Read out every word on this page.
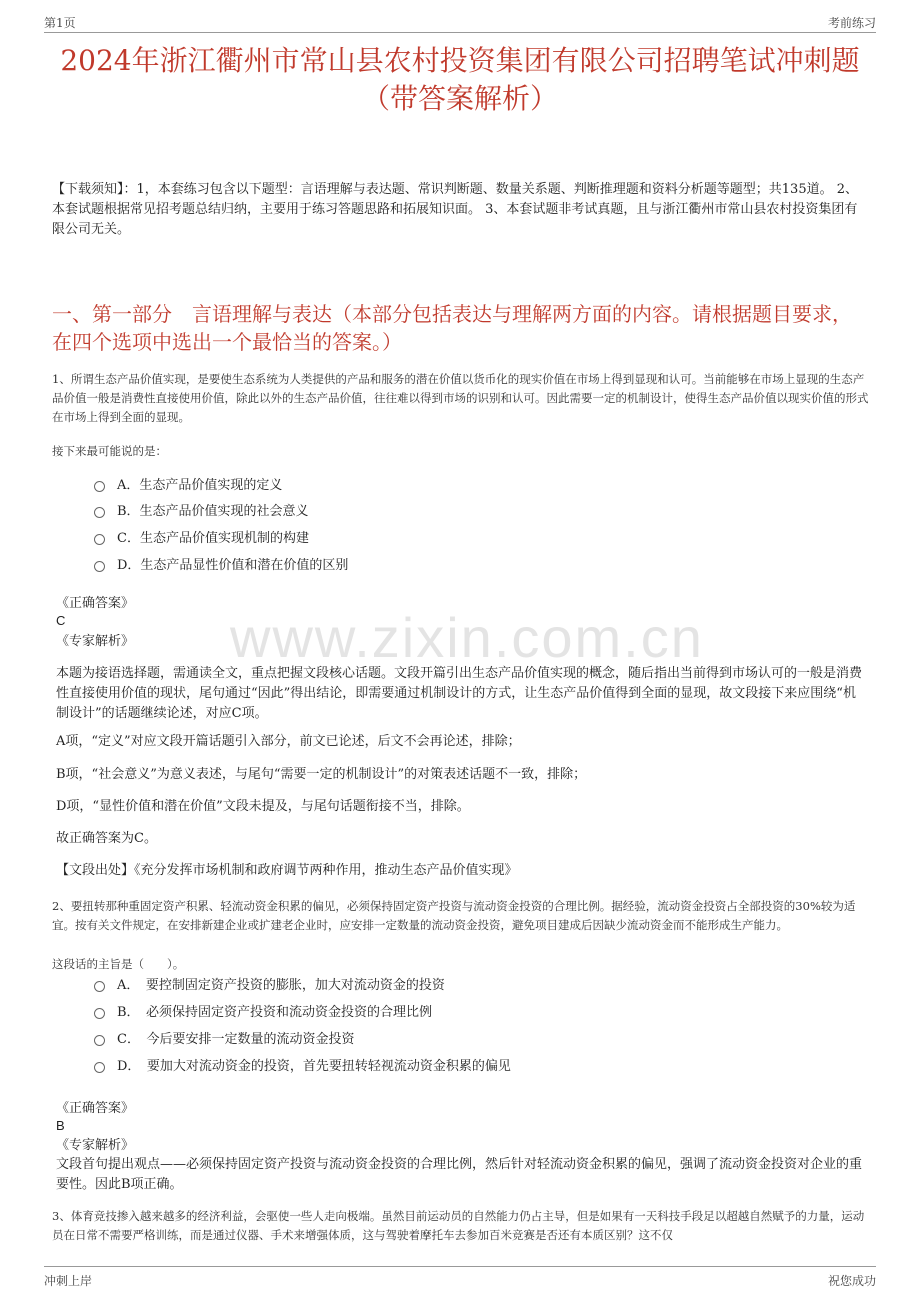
第1页	考前练习
2024年浙江衢州市常山县农村投资集团有限公司招聘笔试冲刺题（带答案解析）
【下载须知】：1，本套练习包含以下题型：言语理解与表达题、常识判断题、数量关系题、判断推理题和资料分析题等题型；共135道。 2、本套试题根据常见招考题总结归纳，主要用于练习答题思路和拓展知识面。 3、本套试题非考试真题，且与浙江衢州市常山县农村投资集团有限公司无关。
一、第一部分　言语理解与表达（本部分包括表达与理解两方面的内容。请根据题目要求，在四个选项中选出一个最恰当的答案。）
www.zixin.com.cn
1、所谓生态产品价值实现，是要使生态系统为人类提供的产品和服务的潜在价值以货币化的现实价值在市场上得到显现和认可。当前能够在市场上显现的生态产品价值一般是消费性直接使用价值，除此以外的生态产品价值，往往难以得到市场的识别和认可。因此需要一定的机制设计，使得生态产品价值以现实价值的形式在市场上得到全面的显现。
接下来最可能说的是：
A．生态产品价值实现的定义
B．生态产品价值实现的社会意义
C．生态产品价值实现机制的构建
D．生态产品显性价值和潜在价值的区别
《正确答案》
C
《专家解析》
本题为接语选择题，需通读全文，重点把握文段核心话题。文段开篇引出生态产品价值实现的概念，随后指出当前得到市场认可的一般是消费性直接使用价值的现状，尾句通过“因此”得出结论，即需要通过机制设计的方式，让生态产品价值得到全面的显现，故文段接下来应围绕“机制设计”的话题继续论述，对应C项。
A项，“定义”对应文段开篇话题引入部分，前文已论述，后文不会再论述，排除；
B项，“社会意义”为意义表述，与尾句“需要一定的机制设计”的对策表述话题不一致，排除；
D项，“显性价值和潜在价值”文段未提及，与尾句话题衔接不当，排除。
故正确答案为C。
【文段出处】《充分发挥市场机制和政府调节两种作用，推动生态产品价值实现》
2、要扭转那种重固定资产积累、轻流动资金积累的偏见，必须保持固定资产投资与流动资金投资的合理比例。据经验，流动资金投资占全部投资的30%较为适宜。按有关文件规定，在安排新建企业或扩建老企业时，应安排一定数量的流动资金投资，避免项目建成后因缺少流动资金而不能形成生产能力。
这段话的主旨是（　　）。
A．　要控制固定资产投资的膨胀，加大对流动资金的投资
B．　必须保持固定资产投资和流动资金投资的合理比例
C．　今后要安排一定数量的流动资金投资
D．　要加大对流动资金的投资，首先要扭转轻视流动资金积累的偏见
《正确答案》
B
《专家解析》
文段首句提出观点——必须保持固定资产投资与流动资金投资的合理比例，然后针对轻流动资金积累的偏见，强调了流动资金投资对企业的重要性。因此B项正确。
3、体育竞技掺入越来越多的经济利益，会驱使一些人走向极端。虽然目前运动员的自然能力仍占主导，但是如果有一天科技手段足以超越自然赋予的力量，运动员在日常不需要严格训练，而是通过仪器、手术来增强体质，这与驾驶着摩托车去参加百米竞赛是否还有本质区别？这不仅
冲刺上岸	祝您成功
